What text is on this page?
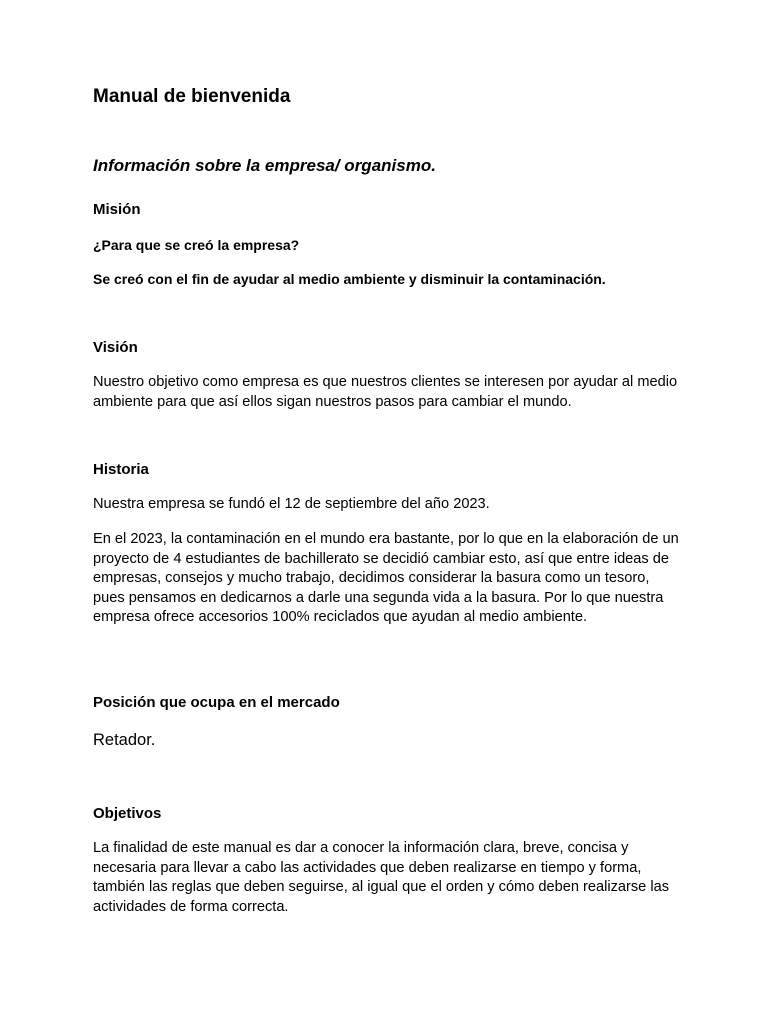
Manual de bienvenida
Información sobre la empresa/ organismo.
Misión

¿Para que se creó la empresa?

Se creó con el fin de ayudar al medio ambiente y disminuir la contaminación.

Visión

Nuestro objetivo como empresa es que nuestros clientes se interesen por ayudar al medio ambiente para que así ellos sigan nuestros pasos para cambiar el mundo.

Historia

Nuestra empresa se fundó el 12 de septiembre del año 2023.

En el 2023, la contaminación en el mundo era bastante, por lo que en la elaboración de un proyecto de 4 estudiantes de bachillerato se decidió cambiar esto, así que entre ideas de empresas, consejos y mucho trabajo, decidimos considerar la basura como un tesoro, pues pensamos en dedicarnos a darle una segunda vida a la basura. Por lo que nuestra empresa ofrece accesorios 100% reciclados que ayudan al medio ambiente.

Posición que ocupa en el mercado

Retador.

Objetivos

La finalidad de este manual es dar a conocer la información clara, breve, concisa y necesaria para llevar a cabo las actividades que deben realizarse en tiempo y forma, también las reglas que deben seguirse, al igual que el orden y cómo deben realizarse las actividades de forma correcta.
